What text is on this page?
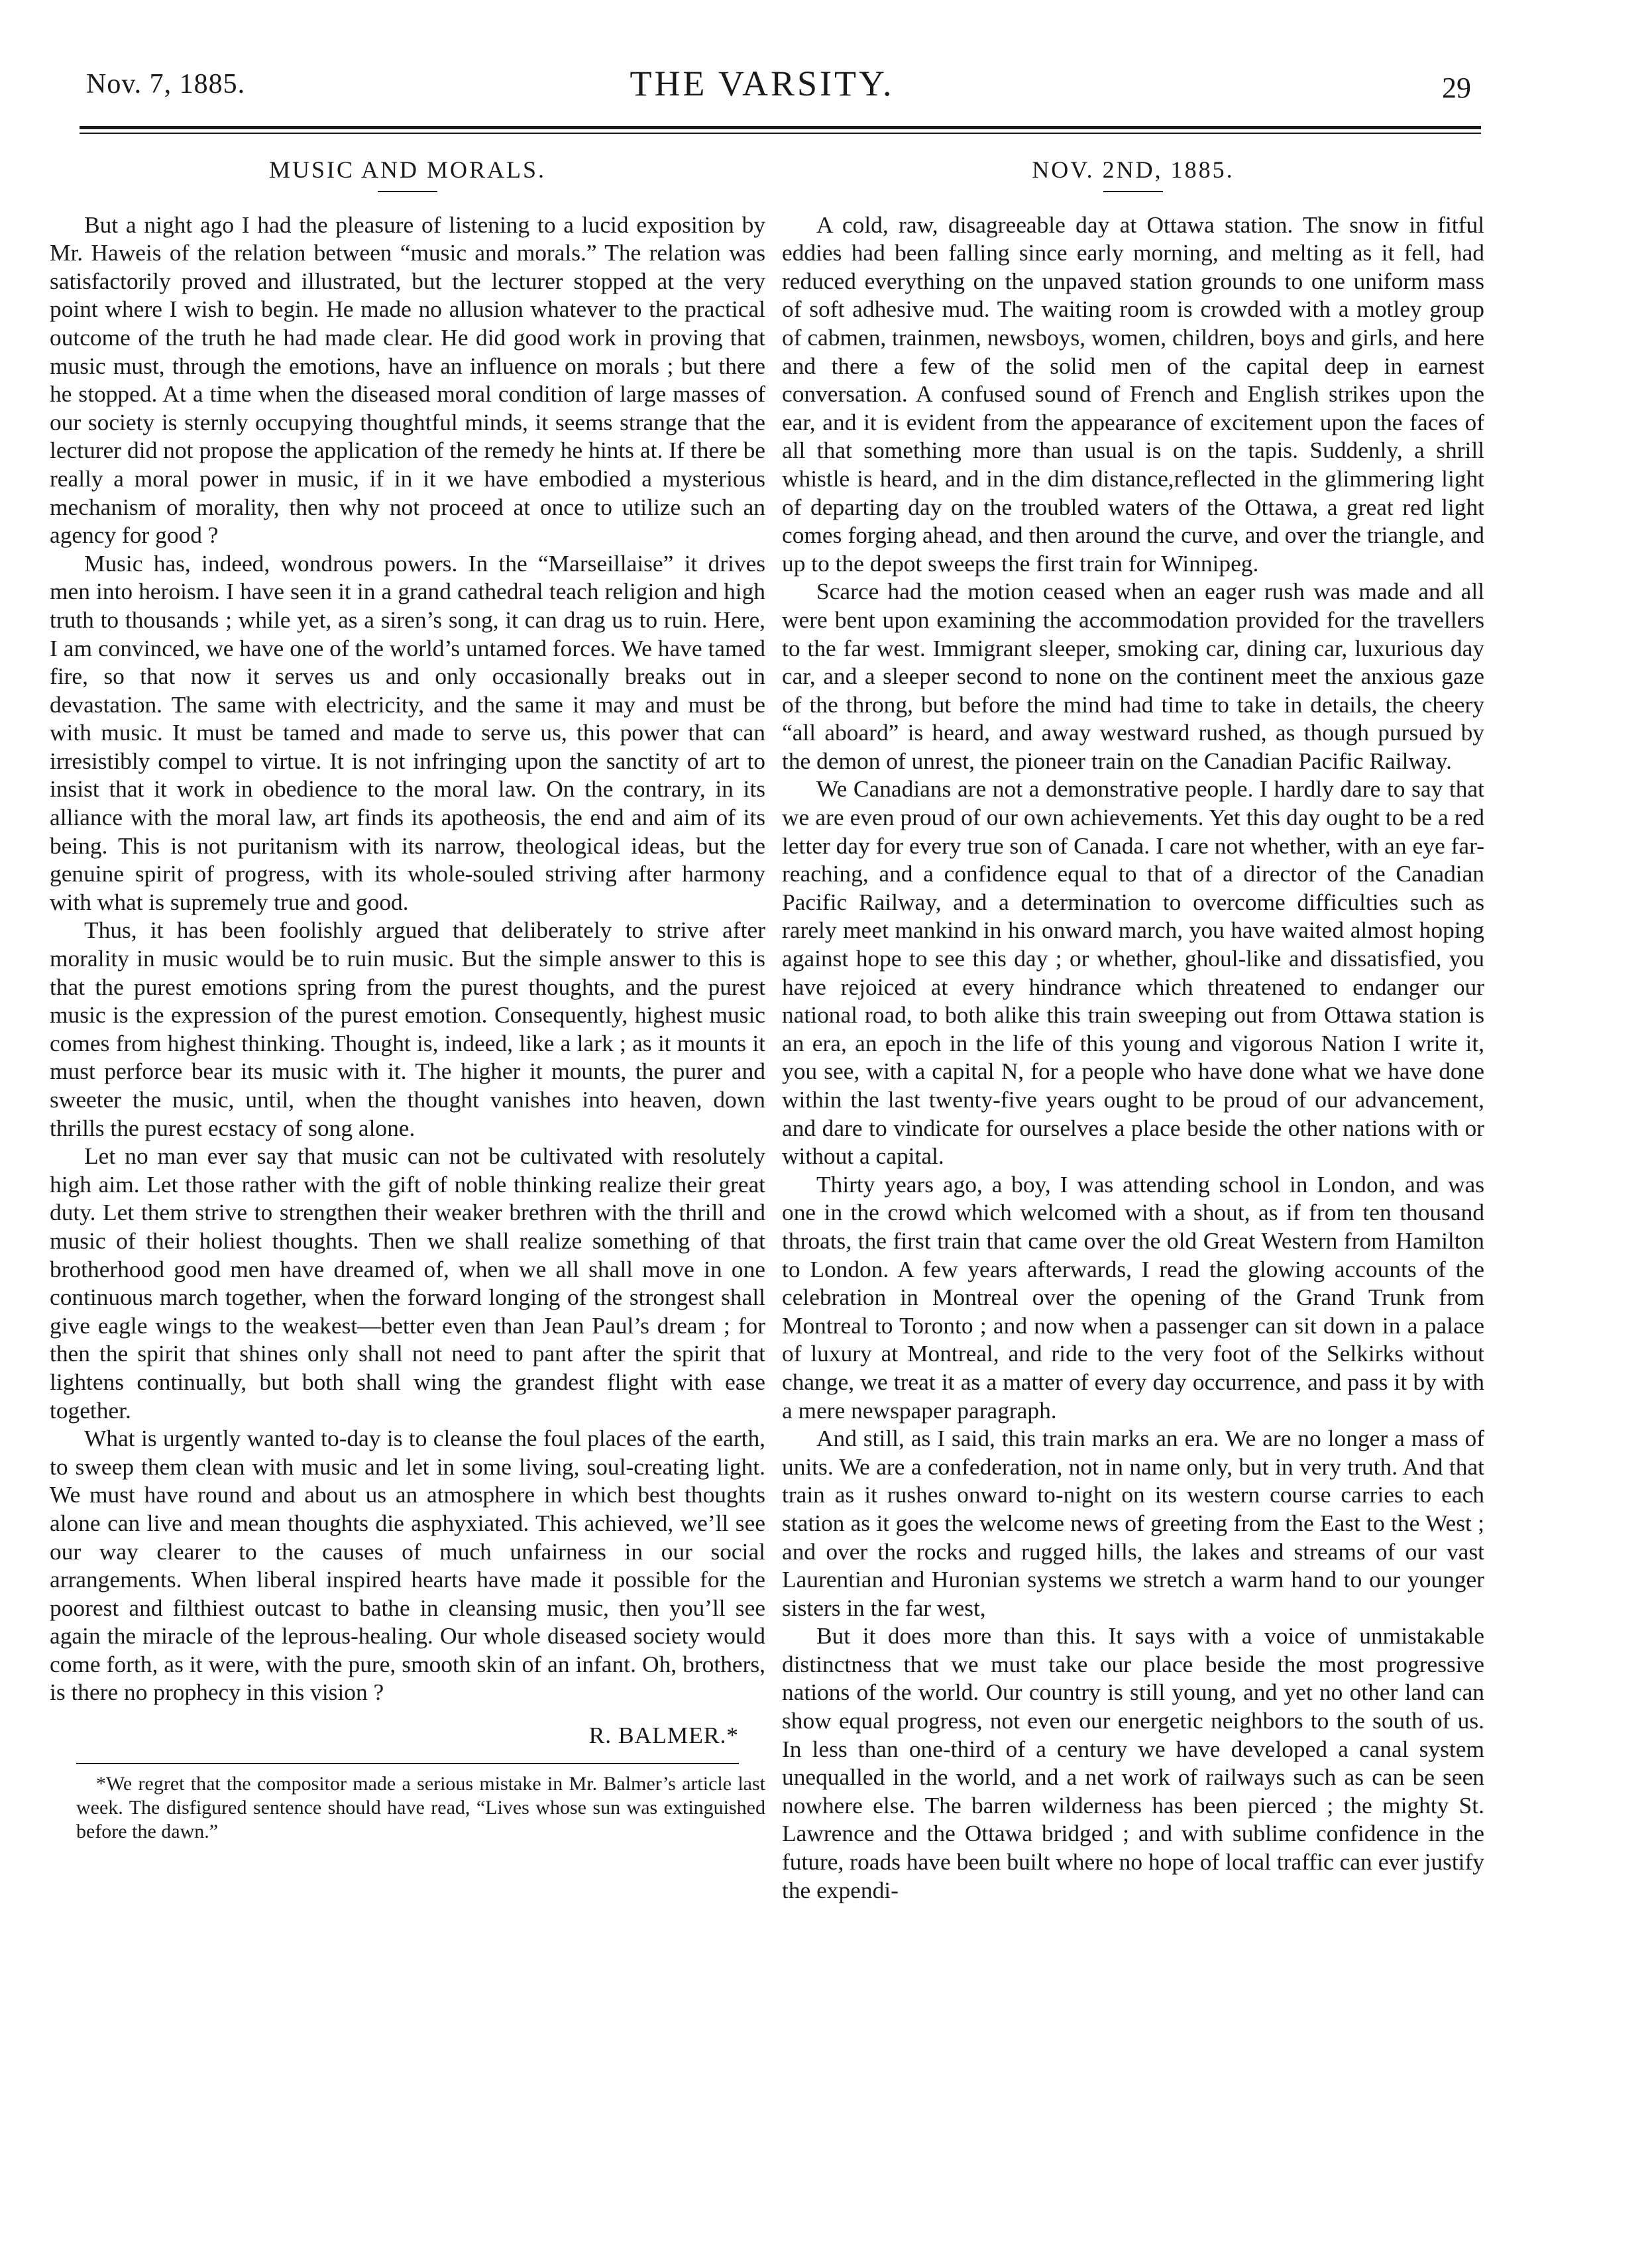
Nov. 7, 1885.	THE VARSITY.	29
MUSIC AND MORALS.

But a night ago I had the pleasure of listening to a lucid exposition by Mr. Haweis of the relation between “music and morals.” The relation was satisfactorily proved and illustrated, but the lecturer stopped at the very point where I wish to begin. He made no allusion whatever to the practical outcome of the truth he had made clear. He did good work in proving that music must, through the emotions, have an influence on morals ; but there he stopped. At a time when the diseased moral condition of large masses of our society is sternly occupying thoughtful minds, it seems strange that the lecturer did not propose the application of the remedy he hints at. If there be really a moral power in music, if in it we have embodied a mysterious mechanism of morality, then why not proceed at once to utilize such an agency for good ?

Music has, indeed, wondrous powers. In the “Marseillaise” it drives men into heroism. I have seen it in a grand cathedral teach religion and high truth to thousands ; while yet, as a siren’s song, it can drag us to ruin. Here, I am convinced, we have one of the world’s untamed forces. We have tamed fire, so that now it serves us and only occasionally breaks out in devastation. The same with electricity, and the same it may and must be with music. It must be tamed and made to serve us, this power that can irresistibly compel to virtue. It is not infringing upon the sanctity of art to insist that it work in obedience to the moral law. On the contrary, in its alliance with the moral law, art finds its apotheosis, the end and aim of its being. This is not puritanism with its narrow, theological ideas, but the genuine spirit of progress, with its whole-souled striving after harmony with what is supremely true and good.

Thus, it has been foolishly argued that deliberately to strive after morality in music would be to ruin music. But the simple answer to this is that the purest emotions spring from the purest thoughts, and the purest music is the expression of the purest emotion. Consequently, highest music comes from highest thinking. Thought is, indeed, like a lark ; as it mounts it must perforce bear its music with it. The higher it mounts, the purer and sweeter the music, until, when the thought vanishes into heaven, down thrills the purest ecstacy of song alone.

Let no man ever say that music can not be cultivated with resolutely high aim. Let those rather with the gift of noble thinking realize their great duty. Let them strive to strengthen their weaker brethren with the thrill and music of their holiest thoughts. Then we shall realize something of that brotherhood good men have dreamed of, when we all shall move in one continuous march together, when the forward longing of the strongest shall give eagle wings to the weakest—better even than Jean Paul’s dream ; for then the spirit that shines only shall not need to pant after the spirit that lightens continually, but both shall wing the grandest flight with ease together.

What is urgently wanted to-day is to cleanse the foul places of the earth, to sweep them clean with music and let in some living, soul-creating light. We must have round and about us an atmosphere in which best thoughts alone can live and mean thoughts die asphyxiated. This achieved, we’ll see our way clearer to the causes of much unfairness in our social arrangements. When liberal inspired hearts have made it possible for the poorest and filthiest outcast to bathe in cleansing music, then you’ll see again the miracle of the leprous-healing. Our whole diseased society would come forth, as it were, with the pure, smooth skin of an infant. Oh, brothers, is there no prophecy in this vision ?

R. BALMER.*

*We regret that the compositor made a serious mistake in Mr. Balmer’s article last week. The disfigured sentence should have read, “Lives whose sun was extinguished before the dawn.”

NOV. 2ND, 1885.

A cold, raw, disagreeable day at Ottawa station. The snow in fitful eddies had been falling since early morning, and melting as it fell, had reduced everything on the unpaved station grounds to one uniform mass of soft adhesive mud. The waiting room is crowded with a motley group of cabmen, trainmen, newsboys, women, children, boys and girls, and here and there a few of the solid men of the capital deep in earnest conversation. A confused sound of French and English strikes upon the ear, and it is evident from the appearance of excitement upon the faces of all that something more than usual is on the tapis. Suddenly, a shrill whistle is heard, and in the dim distance,reflected in the glimmering light of departing day on the troubled waters of the Ottawa, a great red light comes forging ahead, and then around the curve, and over the triangle, and up to the depot sweeps the first train for Winnipeg.

Scarce had the motion ceased when an eager rush was made and all were bent upon examining the accommodation provided for the travellers to the far west. Immigrant sleeper, smoking car, dining car, luxurious day car, and a sleeper second to none on the continent meet the anxious gaze of the throng, but before the mind had time to take in details, the cheery “all aboard” is heard, and away westward rushed, as though pursued by the demon of unrest, the pioneer train on the Canadian Pacific Railway.

We Canadians are not a demonstrative people. I hardly dare to say that we are even proud of our own achievements. Yet this day ought to be a red letter day for every true son of Canada. I care not whether, with an eye far-reaching, and a confidence equal to that of a director of the Canadian Pacific Railway, and a determination to overcome difficulties such as rarely meet mankind in his onward march, you have waited almost hoping against hope to see this day ; or whether, ghoul-like and dissatisfied, you have rejoiced at every hindrance which threatened to endanger our national road, to both alike this train sweeping out from Ottawa station is an era, an epoch in the life of this young and vigorous Nation I write it, you see, with a capital N, for a people who have done what we have done within the last twenty-five years ought to be proud of our advancement, and dare to vindicate for ourselves a place beside the other nations with or without a capital.

Thirty years ago, a boy, I was attending school in London, and was one in the crowd which welcomed with a shout, as if from ten thousand throats, the first train that came over the old Great Western from Hamilton to London. A few years afterwards, I read the glowing accounts of the celebration in Montreal over the opening of the Grand Trunk from Montreal to Toronto ; and now when a passenger can sit down in a palace of luxury at Montreal, and ride to the very foot of the Selkirks without change, we treat it as a matter of every day occurrence, and pass it by with a mere newspaper paragraph.

And still, as I said, this train marks an era. We are no longer a mass of units. We are a confederation, not in name only, but in very truth. And that train as it rushes onward to-night on its western course carries to each station as it goes the welcome news of greeting from the East to the West ; and over the rocks and rugged hills, the lakes and streams of our vast Laurentian and Huronian systems we stretch a warm hand to our younger sisters in the far west,

But it does more than this. It says with a voice of unmistakable distinctness that we must take our place beside the most progressive nations of the world. Our country is still young, and yet no other land can show equal progress, not even our energetic neighbors to the south of us. In less than one-third of a century we have developed a canal system unequalled in the world, and a net work of railways such as can be seen nowhere else. The barren wilderness has been pierced ; the mighty St. Lawrence and the Ottawa bridged ; and with sublime confidence in the future, roads have been built where no hope of local traffic can ever justify the expendi-
